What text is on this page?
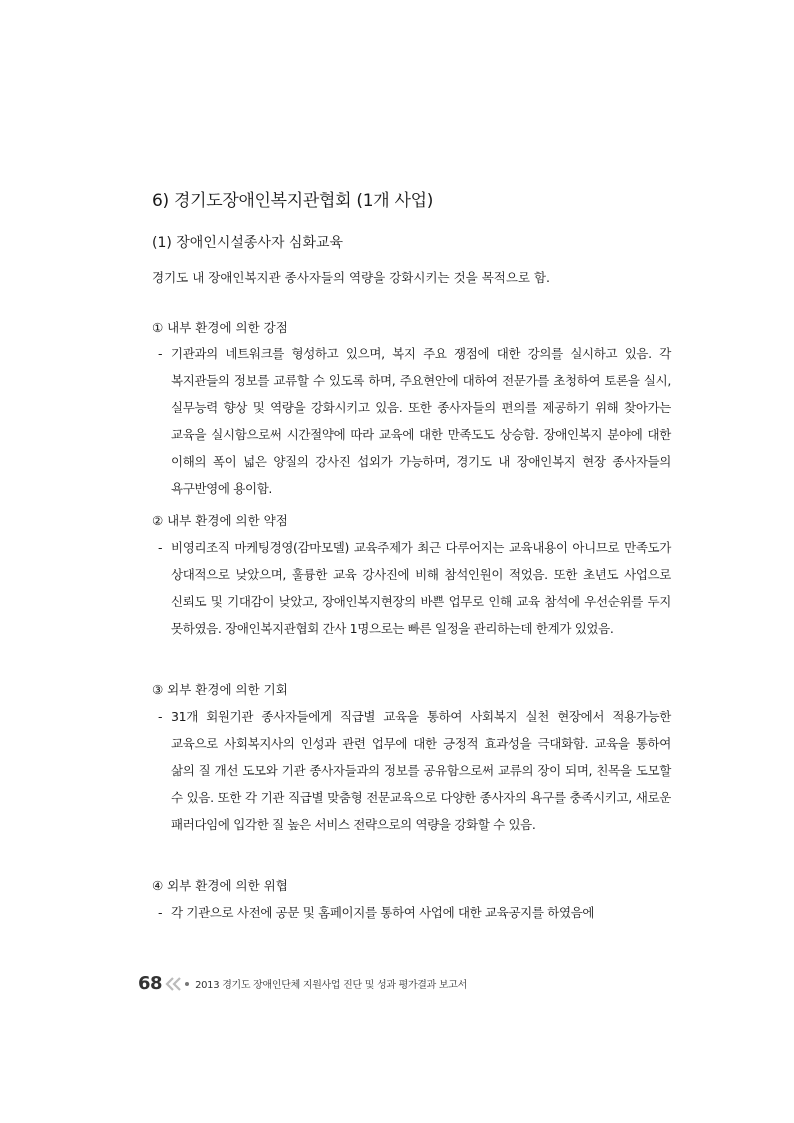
6) 경기도장애인복지관협회 (1개 사업)
(1) 장애인시설종사자 심화교육
경기도 내 장애인복지관 종사자들의 역량을 강화시키는 것을 목적으로 함.
① 내부 환경에 의한 강점
- 기관과의 네트워크를 형성하고 있으며, 복지 주요 쟁점에 대한 강의를 실시하고 있음. 각 복지관들의 정보를 교류할 수 있도록 하며, 주요현안에 대하여 전문가를 초청하여 토론을 실시, 실무능력 향상 및 역량을 강화시키고 있음. 또한 종사자들의 편의를 제공하기 위해 찾아가는 교육을 실시함으로써 시간절약에 따라 교육에 대한 만족도도 상승함. 장애인복지 분야에 대한 이해의 폭이 넓은 양질의 강사진 섭외가 가능하며, 경기도 내 장애인복지 현장 종사자들의 욕구반영에 용이함.
② 내부 환경에 의한 약점
- 비영리조직 마케팅경영(감마모델) 교육주제가 최근 다루어지는 교육내용이 아니므로 만족도가 상대적으로 낮았으며, 훌륭한 교육 강사진에 비해 참석인원이 적었음. 또한 초년도 사업으로 신뢰도 및 기대감이 낮았고, 장애인복지현장의 바쁜 업무로 인해 교육 참석에 우선순위를 두지 못하였음. 장애인복지관협회 간사 1명으로는 빠른 일정을 관리하는데 한계가 있었음.
③ 외부 환경에 의한 기회
- 31개 회원기관 종사자들에게 직급별 교육을 통하여 사회복지 실천 현장에서 적용가능한 교육으로 사회복지사의 인성과 관련 업무에 대한 긍정적 효과성을 극대화함. 교육을 통하여 삶의 질 개선 도모와 기관 종사자들과의 정보를 공유함으로써 교류의 장이 되며, 친목을 도모할 수 있음. 또한 각 기관 직급별 맞춤형 전문교육으로 다양한 종사자의 욕구를 충족시키고, 새로운 패러다임에 입각한 질 높은 서비스 전략으로의 역량을 강화할 수 있음.
④ 외부 환경에 의한 위협
- 각 기관으로 사전에 공문 및 홈페이지를 통하여 사업에 대한 교육공지를 하였음에
68	2013 경기도 장애인단체 지원사업 진단 및 성과 평가결과 보고서
